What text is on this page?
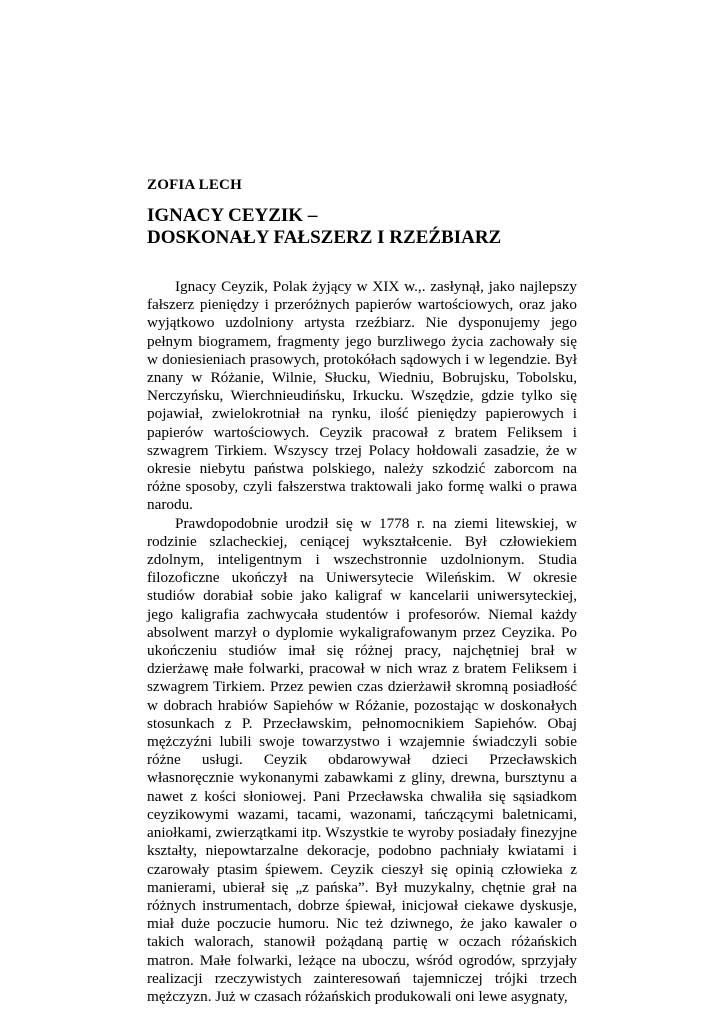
ZOFIA LECH
IGNACY CEYZIK –
DOSKONAŁY FAŁSZERZ I RZEŹBIARZ

Ignacy Ceyzik, Polak żyjący w XIX w.,. zasłynął, jako najlepszy fałszerz pieniędzy i przeróżnych papierów wartościowych, oraz jako wyjątkowo uzdolniony artysta rzeźbiarz. Nie dysponujemy jego pełnym biogramem, fragmenty jego burzliwego życia zachowały się w doniesieniach prasowych, protokółach sądowych i w legendzie. Był znany w Różanie, Wilnie, Słucku, Wiedniu, Bobrujsku, Tobolsku, Nerczyńsku, Wierchnieudińsku, Irkucku. Wszędzie, gdzie tylko się pojawiał, zwielokrotniał na rynku, ilość pieniędzy papierowych i papierów wartościowych. Ceyzik pracował z bratem Feliksem i szwagrem Tirkiem. Wszyscy trzej Polacy hołdowali zasadzie, że w okresie niebytu państwa polskiego, należy szkodzić zaborcom na różne sposoby, czyli fałszerstwa traktowali jako formę walki o prawa narodu.

Prawdopodobnie urodził się w 1778 r. na ziemi litewskiej, w rodzinie szlacheckiej, ceniącej wykształcenie. Był człowiekiem zdolnym, inteligentnym i wszechstronnie uzdolnionym. Studia filozoficzne ukończył na Uniwersytecie Wileńskim. W okresie studiów dorabiał sobie jako kaligraf w kancelarii uniwersyteckiej, jego kaligrafia zachwycała studentów i profesorów. Niemal każdy absolwent marzył o dyplomie wykaligrafowanym przez Ceyzika. Po ukończeniu studiów imał się różnej pracy, najchętniej brał w dzierżawę małe folwarki, pracował w nich wraz z bratem Feliksem i szwagrem Tirkiem. Przez pewien czas dzierżawił skromną posiadłość w dobrach hrabiów Sapiehów w Różanie, pozostając w doskonałych stosunkach z P. Przecławskim, pełnomocnikiem Sapiehów. Obaj mężczyźni lubili swoje towarzystwo i wzajemnie świadczyli sobie różne usługi. Ceyzik obdarowywał dzieci Przecławskich własnoręcznie wykonanymi zabawkami z gliny, drewna, bursztynu a nawet z kości słoniowej. Pani Przecławska chwaliła się sąsiadkom ceyzikowymi wazami, tacami, wazonami, tańczącymi baletnicami, aniołkami, zwierzątkami itp. Wszystkie te wyroby posiadały finezyjne kształty, niepowtarzalne dekoracje, podobno pachniały kwiatami i czarowały ptasim śpiewem. Ceyzik cieszył się opinią człowieka z manierami, ubierał się „z pańska”. Był muzykalny, chętnie grał na różnych instrumentach, dobrze śpiewał, inicjował ciekawe dyskusje, miał duże poczucie humoru. Nic też dziwnego, że jako kawaler o takich walorach, stanowił pożądaną partię w oczach różańskich matron. Małe folwarki, leżące na uboczu, wśród ogrodów, sprzyjały realizacji rzeczywistych zainteresowań tajemniczej trójki trzech mężczyzn. Już w czasach różańskich produkowali oni lewe asygnaty,
